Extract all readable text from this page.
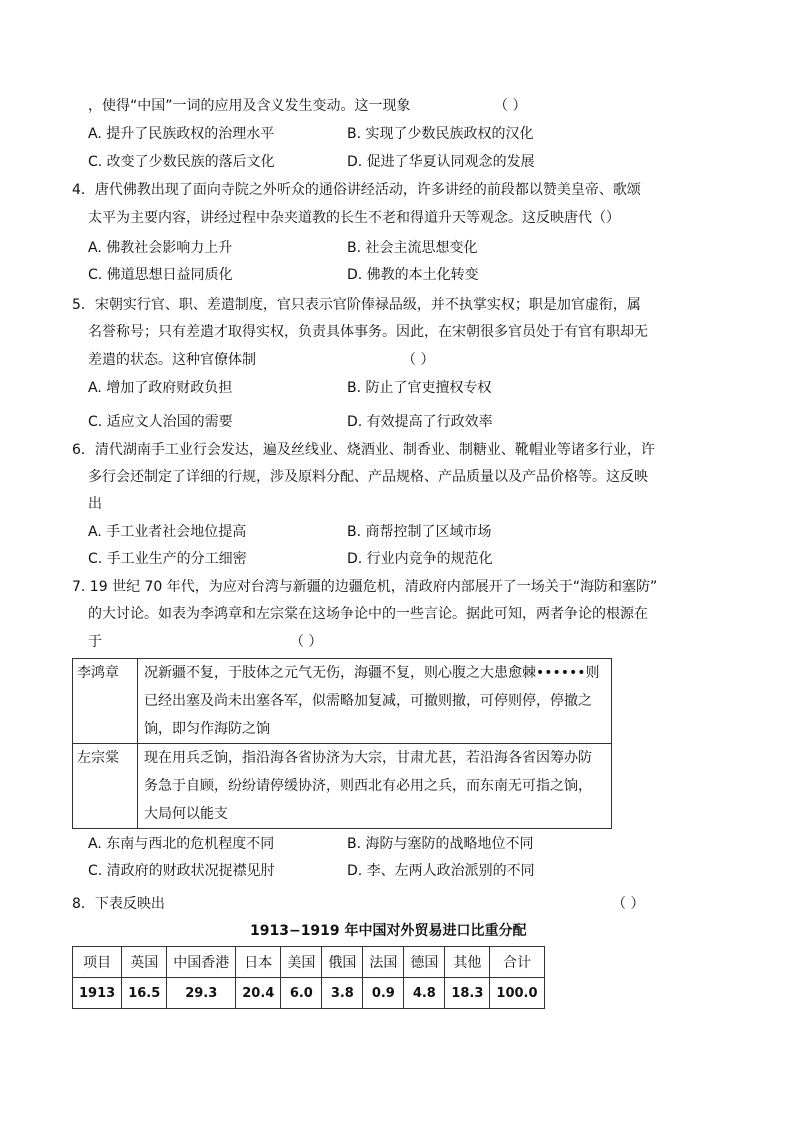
，使得“中国”一词的应用及含义发生变动。这一现象	（ ）
A. 提升了民族政权的治理水平	B. 实现了少数民族政权的汉化
C. 改变了少数民族的落后文化	D. 促进了华夏认同观念的发展
4．唐代佛教出现了面向寺院之外听众的通俗讲经活动，许多讲经的前段都以赞美皇帝、歌颂
太平为主要内容，讲经过程中杂夹道教的长生不老和得道升天等观念。这反映唐代（）
A. 佛教社会影响力上升	B. 社会主流思想变化
C. 佛道思想日益同质化	D. 佛教的本土化转变
5．宋朝实行官、职、差遣制度，官只表示官阶俸禄品级，并不执掌实权；职是加官虚衔，属
名誉称号；只有差遣才取得实权，负责具体事务。因此，在宋朝很多官员处于有官有职却无
差遣的状态。这种官僚体制	（ ）
A. 增加了政府财政负担	B. 防止了官吏擅权专权
C. 适应文人治国的需要	D. 有效提高了行政效率
6．清代湖南手工业行会发达，遍及丝线业、烧酒业、制香业、制糖业、靴帽业等诸多行业，许
多行会还制定了详细的行规，涉及原料分配、产品规格、产品质量以及产品价格等。这反映
出
A. 手工业者社会地位提高	B. 商帮控制了区域市场
C. 手工业生产的分工细密	D. 行业内竞争的规范化
7. 19 世纪 70 年代，为应对台湾与新疆的边疆危机，清政府内部展开了一场关于“海防和塞防”
的大讨论。如表为李鸿章和左宗棠在这场争论中的一些言论。据此可知，两者争论的根源在
于	（ ）
李鸿章	况新疆不复，于肢体之元气无伤，海疆不复，则心腹之大患愈棘••••••则已经出塞及尚未出塞各军，似需略加复减，可撤则撤，可停则停，停撤之饷，即匀作海防之饷
左宗棠	现在用兵乏饷，指沿海各省协济为大宗，甘肃尤甚，若沿海各省因筹办防务急于自顾，纷纷请停缓协济，则西北有必用之兵，而东南无可指之饷，大局何以能支
A. 东南与西北的危机程度不同	B. 海防与塞防的战略地位不同
C. 清政府的财政状况捉襟见肘	D. 李、左两人政治派别的不同
8．下表反映出	（ ）
1913−1919 年中国对外贸易进口比重分配
项目	英国	中国香港	日本	美国	俄国	法国	德国	其他	合计
1913	16.5	29.3	20.4	6.0	3.8	0.9	4.8	18.3	100.0
